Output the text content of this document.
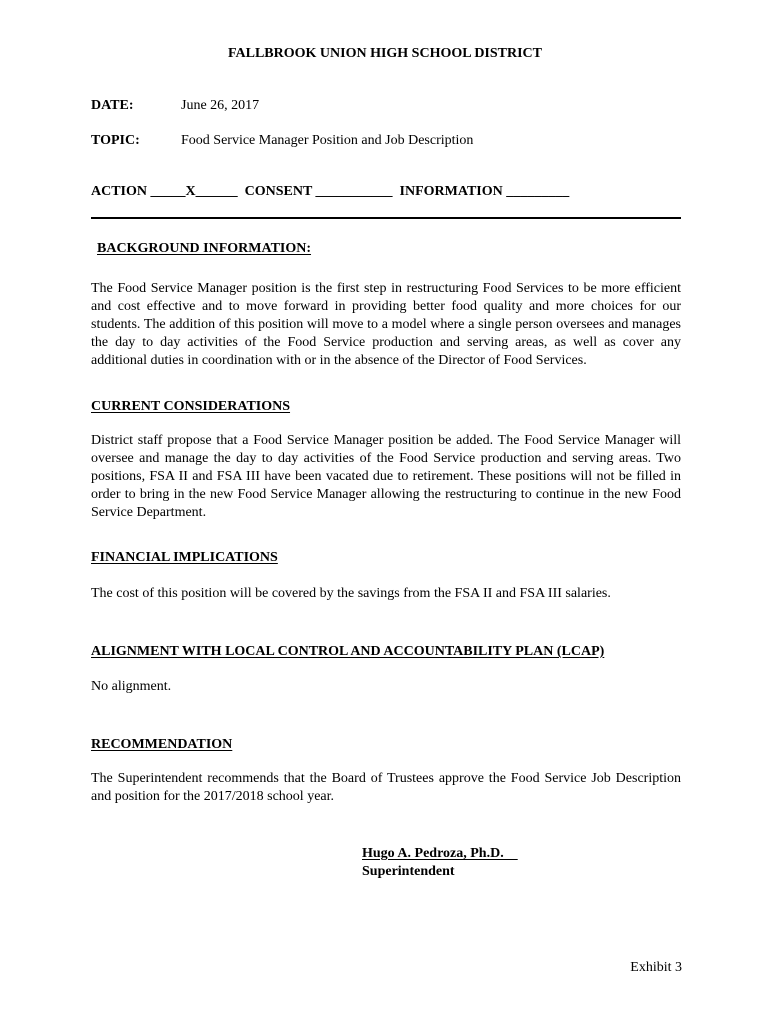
FALLBROOK UNION HIGH SCHOOL DISTRICT
DATE:	June 26, 2017
TOPIC:	Food Service Manager Position and Job Description
ACTION _____X______  CONSENT ___________  INFORMATION _________
BACKGROUND INFORMATION:
The Food Service Manager position is the first step in restructuring Food Services to be more efficient and cost effective and to move forward in providing better food quality and more choices for our students. The addition of this position will move to a model where a single person oversees and manages the day to day activities of the Food Service production and serving areas, as well as cover any additional duties in coordination with or in the absence of the Director of Food Services.
CURRENT CONSIDERATIONS
District staff propose that a Food Service Manager position be added. The Food Service Manager will oversee and manage the day to day activities of the Food Service production and serving areas. Two positions, FSA II and FSA III have been vacated due to retirement. These positions will not be filled in order to bring in the new Food Service Manager allowing the restructuring to continue in the new Food Service Department.
FINANCIAL IMPLICATIONS
The cost of this position will be covered by the savings from the FSA II and FSA III salaries.
ALIGNMENT WITH LOCAL CONTROL AND ACCOUNTABILITY PLAN (LCAP)
No alignment.
RECOMMENDATION
The Superintendent recommends that the Board of Trustees approve the Food Service Job Description and position for the 2017/2018 school year.
Hugo A. Pedroza, Ph.D.
Superintendent
Exhibit 3
